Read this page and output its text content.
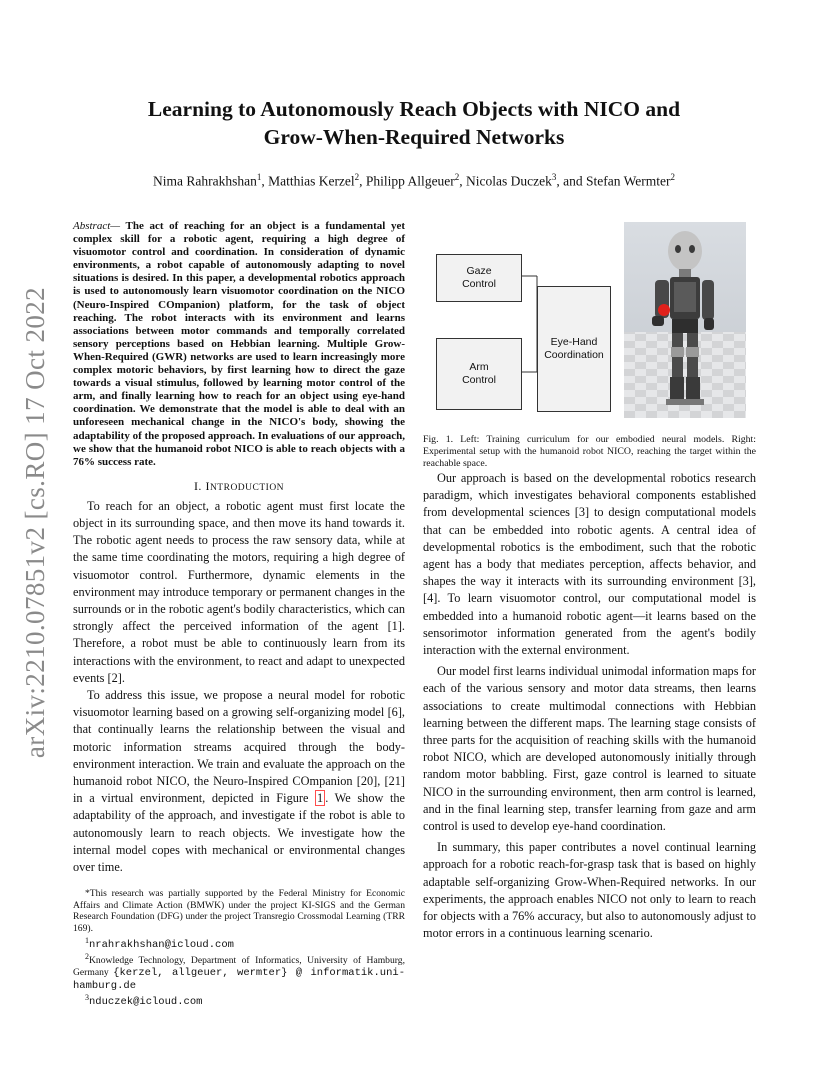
arXiv:2210.07851v2 [cs.RO] 17 Oct 2022
Learning to Autonomously Reach Objects with NICO and
Grow-When-Required Networks
Nima Rahrakhshan$^1$, Matthias Kerzel$^2$, Philipp Allgeuer$^2$, Nicolas Duczek$^3$, and Stefan Wermter$^2$

Abstract— The act of reaching for an object is a fundamental yet complex skill for a robotic agent, requiring a high degree of visuomotor control and coordination. In consideration of dynamic environments, a robot capable of autonomously adapting to novel situations is desired. In this paper, a developmental robotics approach is used to autonomously learn visuomotor coordination on the NICO (Neuro-Inspired COmpanion) platform, for the task of object reaching. The robot interacts with its environment and learns associations between motor commands and temporally correlated sensory perceptions based on Hebbian learning. Multiple Grow-When-Required (GWR) networks are used to learn increasingly more complex motoric behaviors, by first learning how to direct the gaze towards a visual stimulus, followed by learning motor control of the arm, and finally learning how to reach for an object using eye-hand coordination. We demonstrate that the model is able to deal with an unforeseen mechanical change in the NICO's body, showing the adaptability of the proposed approach. In evaluations of our approach, we show that the humanoid robot NICO is able to reach objects with a 76% success rate.

I. INTRODUCTION

To reach for an object, a robotic agent must first locate the object in its surrounding space, and then move its hand towards it. The robotic agent needs to process the raw sensory data, while at the same time coordinating the motors, requiring a high degree of visuomotor control. Furthermore, dynamic elements in the environment may introduce temporary or permanent changes in the surrounds or in the robotic agent's bodily characteristics, which can strongly affect the perceived information of the agent [1]. Therefore, a robot must be able to continuously learn from its interactions with the environment, to react and adapt to unexpected events [2].

To address this issue, we propose a neural model for robotic visuomotor learning based on a growing self-organizing model [6], that continually learns the relationship between the visual and motoric information streams acquired through the body-environment interaction. We train and evaluate the approach on the humanoid robot NICO, the Neuro-Inspired COmpanion [20], [21] in a virtual environment, depicted in Figure 1 . We show the adaptability of the approach, and investigate if the robot is able to autonomously learn to reach objects. We investigate how the internal model copes with mechanical or environmental changes over time.

*This research was partially supported by the Federal Ministry for Economic Affairs and Climate Action (BMWK) under the project KI-SIGS and the German Research Foundation (DFG) under the project Transregio Crossmodal Learning (TRR 169).

$^1$nrahrakhshan@icloud.com

$^2$Knowledge Technology, Department of Informatics, University of Hamburg, Germany {kerzel, allgeuer, wermter} @ informatik.uni-hamburg.de

$^3$nduczek@icloud.com

Gaze
Control
Arm
Control
Eye-Hand
Coordination

Fig. 1. Left: Training curriculum for our embodied neural models. Right: Experimental setup with the humanoid robot NICO, reaching the target within the reachable space.

Our approach is based on the developmental robotics research paradigm, which investigates behavioral components established from developmental sciences [3] to design computational models that can be embedded into robotic agents. A central idea of developmental robotics is the embodiment, such that the robotic agent has a body that mediates perception, affects behavior, and shapes the way it interacts with its surrounding environment [3], [4]. To learn visuomotor control, our computational model is embedded into a humanoid robotic agent—it learns based on the sensorimotor information generated from the agent's bodily interaction with the external environment.

Our model first learns individual unimodal information maps for each of the various sensory and motor data streams, then learns associations to create multimodal connections with Hebbian learning between the different maps. The learning stage consists of three parts for the acquisition of reaching skills with the humanoid robot NICO, which are developed autonomously initially through random motor babbling. First, gaze control is learned to situate NICO in the surrounding environment, then arm control is learned, and in the final learning step, transfer learning from gaze and arm control is used to develop eye-hand coordination.

In summary, this paper contributes a novel continual learning approach for a robotic reach-for-grasp task that is based on highly adaptable self-organizing Grow-When-Required networks. In our experiments, the approach enables NICO not only to learn to reach for objects with a 76% accuracy, but also to autonomously adjust to motor errors in a continuous learning scenario.
